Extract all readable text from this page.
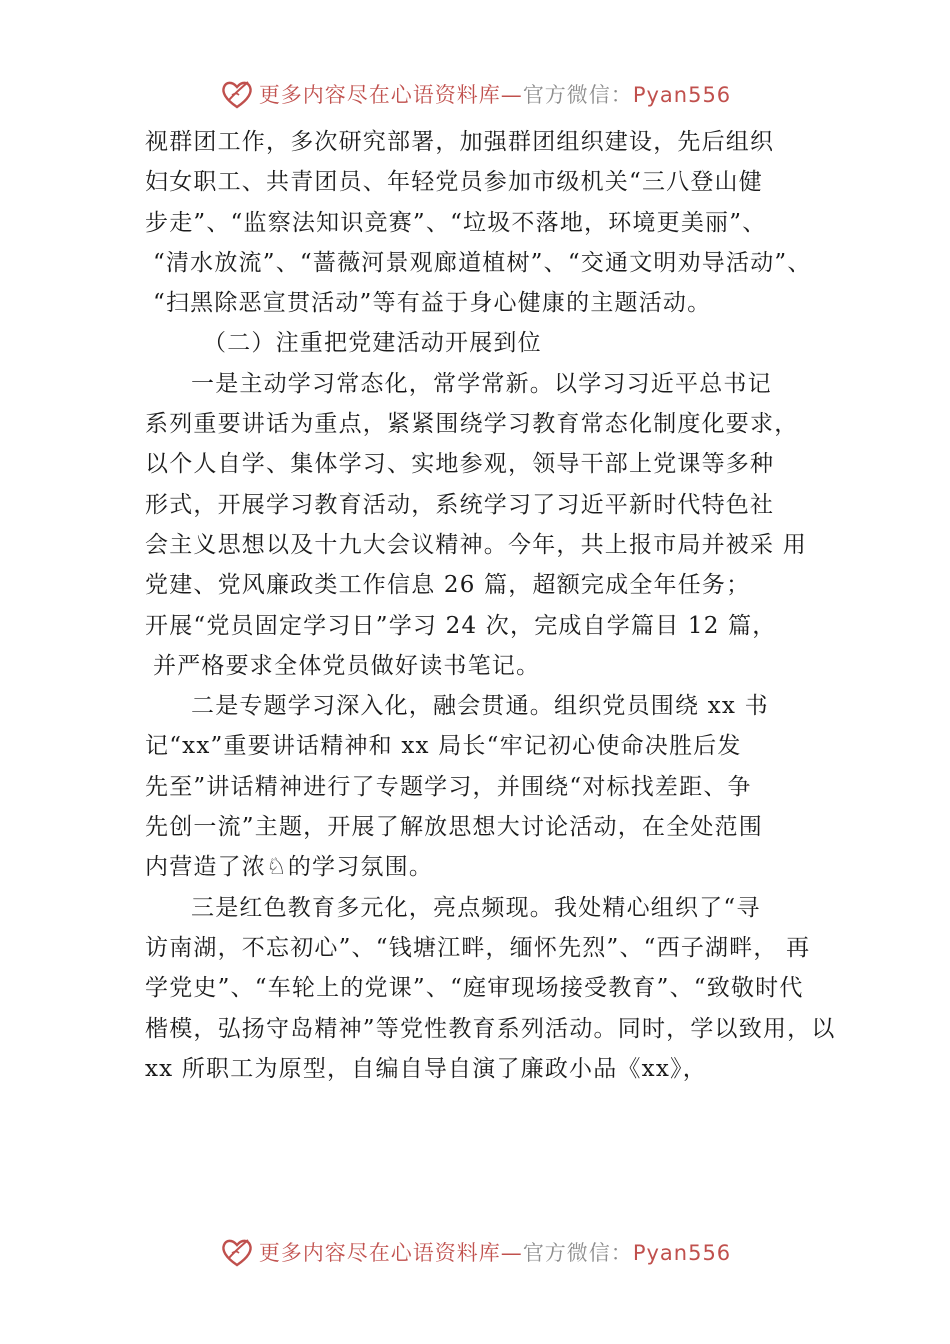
更多内容尽在心语资料库—官方微信：Pyan556
视群团工作，多次研究部署，加强群团组织建设，先后组织
妇女职工、共青团员、年轻党员参加市级机关“三八登山健
步走”、“监察法知识竞赛”、“垃圾不落地，环境更美丽”、
“清水放流”、“蔷薇河景观廊道植树”、“交通文明劝导活动”、
“扫黑除恶宣贯活动”等有益于身心健康的主题活动。
（二）注重把党建活动开展到位
一是主动学习常态化，常学常新。以学习习近平总书记
系列重要讲话为重点，紧紧围绕学习教育常态化制度化要求，
以个人自学、集体学习、实地参观，领导干部上党课等多种
形式，开展学习教育活动，系统学习了习近平新时代特色社
会主义思想以及十九大会议精神。今年，共上报市局并被采 用
党建、党风廉政类工作信息 26 篇，超额完成全年任务；
开展“党员固定学习日”学习 24 次，完成自学篇目 12 篇，
并严格要求全体党员做好读书笔记。
二是专题学习深入化，融会贯通。组织党员围绕 xx 书
记“xx”重要讲话精神和 xx 局长“牢记初心使命决胜后发
先至”讲话精神进行了专题学习，并围绕“对标找差距、争
先创一流”主题，开展了解放思想大讨论活动，在全处范围
内营造了浓♘的学习氛围。
三是红色教育多元化，亮点频现。我处精心组织了“寻
访南湖，不忘初心”、“钱塘江畔，缅怀先烈”、“西子湖畔， 再
学党史”、“车轮上的党课”、“庭审现场接受教育”、“致敬时代
楷模，弘扬守岛精神”等党性教育系列活动。同时，学以致用，以
xx 所职工为原型，自编自导自演了廉政小品《xx》，
更多内容尽在心语资料库—官方微信：Pyan556
